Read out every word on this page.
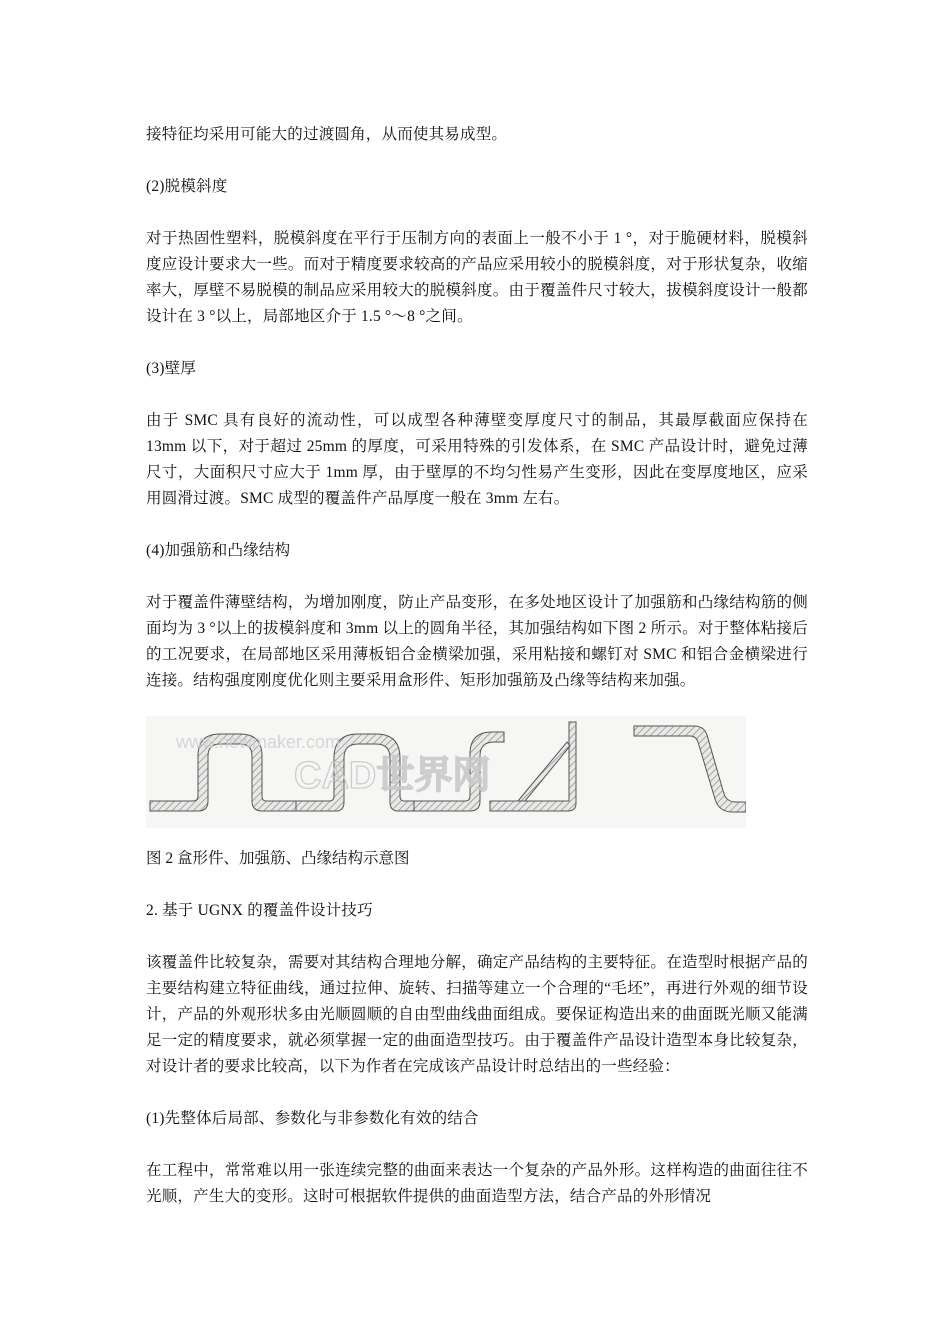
接特征均采用可能大的过渡圆角，从而使其易成型。

(2)脱模斜度

对于热固性塑料，脱模斜度在平行于压制方向的表面上一般不小于 1 °，对于脆硬材料，脱模斜度应设计要求大一些。而对于精度要求较高的产品应采用较小的脱模斜度，对于形状复杂，收缩率大，厚壁不易脱模的制品应采用较大的脱模斜度。由于覆盖件尺寸较大，拔模斜度设计一般都设计在 3 °以上，局部地区介于 1.5 °～8 °之间。

(3)壁厚

由于 SMC 具有良好的流动性，可以成型各种薄壁变厚度尺寸的制品，其最厚截面应保持在 13mm 以下，对于超过 25mm 的厚度，可采用特殊的引发体系，在 SMC 产品设计时，避免过薄尺寸，大面积尺寸应大于 1mm 厚，由于壁厚的不均匀性易产生变形，因此在变厚度地区，应采用圆滑过渡。SMC 成型的覆盖件产品厚度一般在 3mm 左右。

(4)加强筋和凸缘结构

对于覆盖件薄壁结构，为增加刚度，防止产品变形，在多处地区设计了加强筋和凸缘结构筋的侧面均为 3 °以上的拔模斜度和 3mm 以上的圆角半径，其加强结构如下图 2 所示。对于整体粘接后的工况要求，在局部地区采用薄板铝合金横梁加强，采用粘接和螺钉对 SMC 和铝合金横梁进行连接。结构强度刚度优化则主要采用盒形件、矩形加强筋及凸缘等结构来加强。

www.newmaker.com
CAD世界网
图 2 盒形件、加强筋、凸缘结构示意图

2. 基于 UGNX 的覆盖件设计技巧

该覆盖件比较复杂，需要对其结构合理地分解，确定产品结构的主要特征。在造型时根据产品的主要结构建立特征曲线，通过拉伸、旋转、扫描等建立一个合理的“毛坯”，再进行外观的细节设计，产品的外观形状多由光顺圆顺的自由型曲线曲面组成。要保证构造出来的曲面既光顺又能满足一定的精度要求，就必须掌握一定的曲面造型技巧。由于覆盖件产品设计造型本身比较复杂，对设计者的要求比较高，以下为作者在完成该产品设计时总结出的一些经验：

(1)先整体后局部、参数化与非参数化有效的结合

在工程中，常常难以用一张连续完整的曲面来表达一个复杂的产品外形。这样构造的曲面往往不光顺，产生大的变形。这时可根据软件提供的曲面造型方法，结合产品的外形情况
